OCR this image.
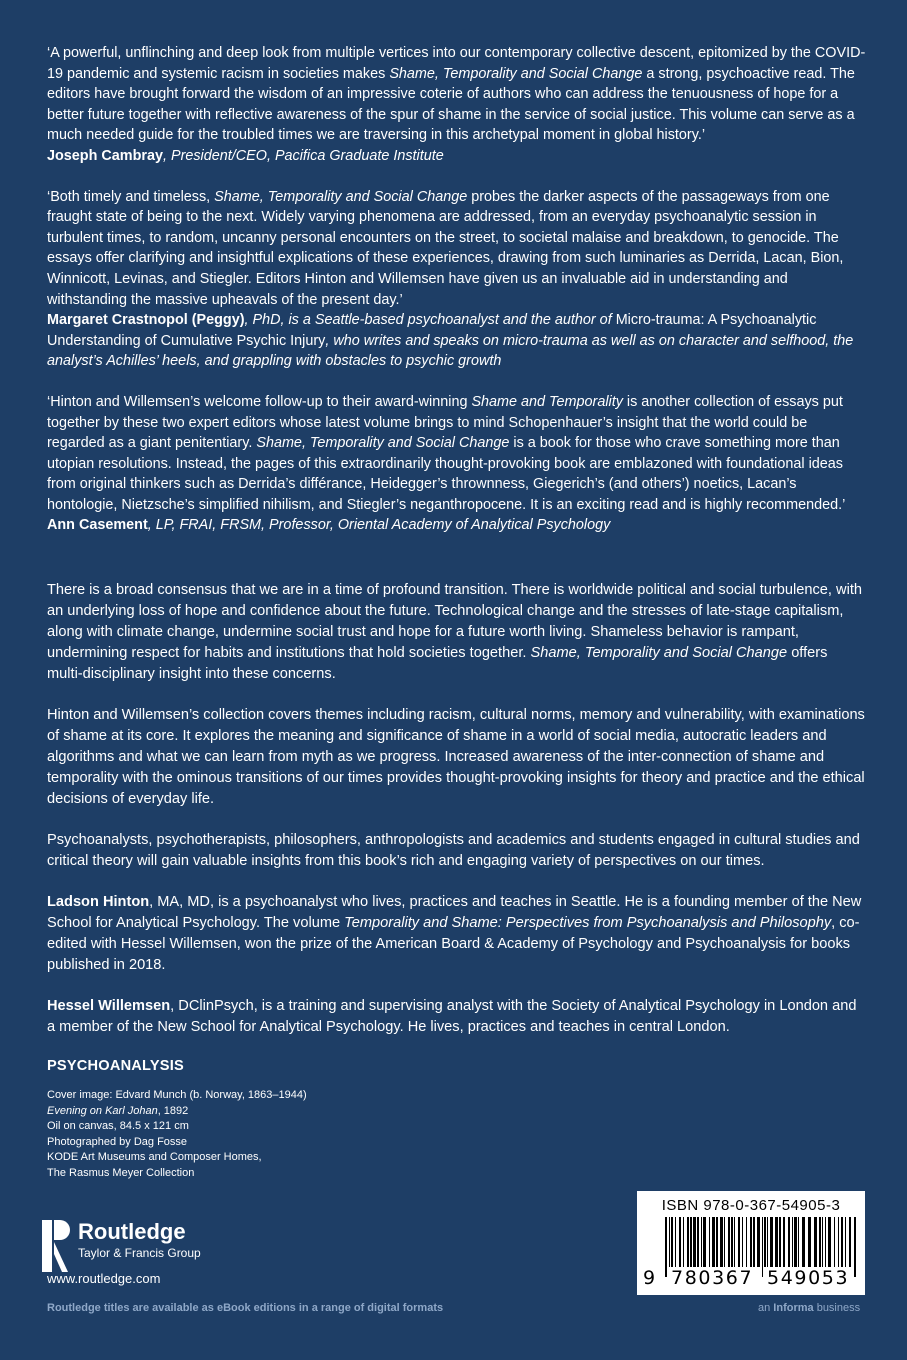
‘A powerful, unflinching and deep look from multiple vertices into our contemporary collective descent, epitomized by the COVID-19 pandemic and systemic racism in societies makes Shame, Temporality and Social Change a strong, psychoactive read. The editors have brought forward the wisdom of an impressive coterie of authors who can address the tenuousness of hope for a better future together with reflective awareness of the spur of shame in the service of social justice. This volume can serve as a much needed guide for the troubled times we are traversing in this archetypal moment in global history.’
Joseph Cambray, President/CEO, Pacifica Graduate Institute
‘Both timely and timeless, Shame, Temporality and Social Change probes the darker aspects of the passageways from one fraught state of being to the next. Widely varying phenomena are addressed, from an everyday psychoanalytic session in turbulent times, to random, uncanny personal encounters on the street, to societal malaise and breakdown, to genocide. The essays offer clarifying and insightful explications of these experiences, drawing from such luminaries as Derrida, Lacan, Bion, Winnicott, Levinas, and Stiegler. Editors Hinton and Willemsen have given us an invaluable aid in understanding and withstanding the massive upheavals of the present day.’
Margaret Crastnopol (Peggy), PhD, is a Seattle-based psychoanalyst and the author of Micro-trauma: A Psychoanalytic Understanding of Cumulative Psychic Injury, who writes and speaks on micro-trauma as well as on character and selfhood, the analyst’s Achilles’ heels, and grappling with obstacles to psychic growth
‘Hinton and Willemsen’s welcome follow-up to their award-winning Shame and Temporality is another collection of essays put together by these two expert editors whose latest volume brings to mind Schopenhauer’s insight that the world could be regarded as a giant penitentiary. Shame, Temporality and Social Change is a book for those who crave something more than utopian resolutions. Instead, the pages of this extraordinarily thought-provoking book are emblazoned with foundational ideas from original thinkers such as Derrida’s différance, Heidegger’s thrownness, Giegerich’s (and others’) noetics, Lacan’s hontologie, Nietzsche’s simplified nihilism, and Stiegler’s neganthropocene. It is an exciting read and is highly recommended.’
Ann Casement, LP, FRAI, FRSM, Professor, Oriental Academy of Analytical Psychology

There is a broad consensus that we are in a time of profound transition. There is worldwide political and social turbulence, with an underlying loss of hope and confidence about the future. Technological change and the stresses of late-stage capitalism, along with climate change, undermine social trust and hope for a future worth living. Shameless behavior is rampant, undermining respect for habits and institutions that hold societies together. Shame, Temporality and Social Change offers multi-disciplinary insight into these concerns.

Hinton and Willemsen’s collection covers themes including racism, cultural norms, memory and vulnerability, with examinations of shame at its core. It explores the meaning and significance of shame in a world of social media, autocratic leaders and algorithms and what we can learn from myth as we progress. Increased awareness of the inter-connection of shame and temporality with the ominous transitions of our times provides thought-provoking insights for theory and practice and the ethical decisions of everyday life.

Psychoanalysts, psychotherapists, philosophers, anthropologists and academics and students engaged in cultural studies and critical theory will gain valuable insights from this book’s rich and engaging variety of perspectives on our times.

Ladson Hinton, MA, MD, is a psychoanalyst who lives, practices and teaches in Seattle. He is a founding member of the New School for Analytical Psychology. The volume Temporality and Shame: Perspectives from Psychoanalysis and Philosophy, co-edited with Hessel Willemsen, won the prize of the American Board & Academy of Psychology and Psychoanalysis for books published in 2018.

Hessel Willemsen, DClinPsych, is a training and supervising analyst with the Society of Analytical Psychology in London and a member of the New School for Analytical Psychology. He lives, practices and teaches in central London.

PSYCHOANALYSIS
Cover image: Edvard Munch (b. Norway, 1863–1944)
Evening on Karl Johan, 1892
Oil on canvas, 84.5 x 121 cm
Photographed by Dag Fosse
KODE Art Museums and Composer Homes,
The Rasmus Meyer Collection
Routledge
Taylor & Francis Group
www.routledge.com
Routledge titles are available as eBook editions in a range of digital formats	an Informa business
ISBN 978-0-367-54905-3
9 780367 549053
